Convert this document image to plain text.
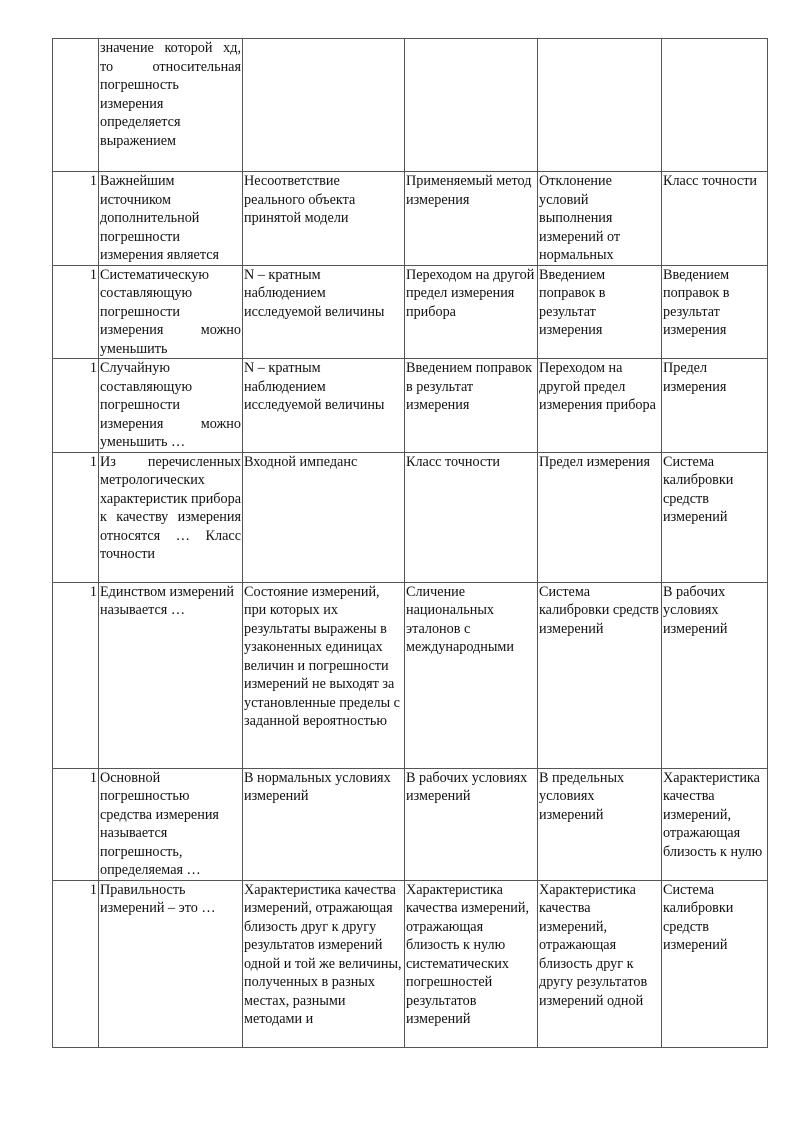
	значение которой хд, то относительная погрешность измерения определяется выражением				
1	Важнейшим источником дополнительной погрешности измерения является	Несоответствие реального объекта принятой модели	Применяемый метод измерения	Отклонение условий выполнения измерений от нормальных	Класс точности
1	Систематическую составляющую погрешности измерения можно уменьшить	N – кратным наблюдением исследуемой величины	Переходом на другой предел измерения прибора	Введением поправок в результат измерения	Введением поправок в результат измерения
1	Случайную составляющую погрешности измерения можно уменьшить …	N – кратным наблюдением исследуемой величины	Введением поправок в результат измерения	Переходом на другой предел измерения прибора	Предел измерения
1	Из перечисленных метрологических характеристик прибора к качеству измерения относятся … Класс точности	Входной импеданс	Класс точности	Предел измерения	Система калибровки средств измерений
1	Единством измерений называется …	Состояние измерений, при которых их результаты выражены в узаконенных единицах величин и погрешности измерений не выходят за установленные пределы с заданной вероятностью	Сличение национальных эталонов с международными	Система калибровки средств измерений	В рабочих условиях измерений
1	Основной погрешностью средства измерения называется погрешность, определяемая …	В нормальных условиях измерений	В рабочих условиях измерений	В предельных условиях измерений	Характеристика качества измерений, отражающая близость к нулю
1	Правильность измерений – это …	Характеристика качества измерений, отражающая близость друг к другу результатов измерений одной и той же величины, полученных в разных местах, разными методами и	Характеристика качества измерений, отражающая близость к нулю систематических погрешностей результатов измерений	Характеристика качества измерений, отражающая близость друг к другу результатов измерений одной	Система калибровки средств измерений
